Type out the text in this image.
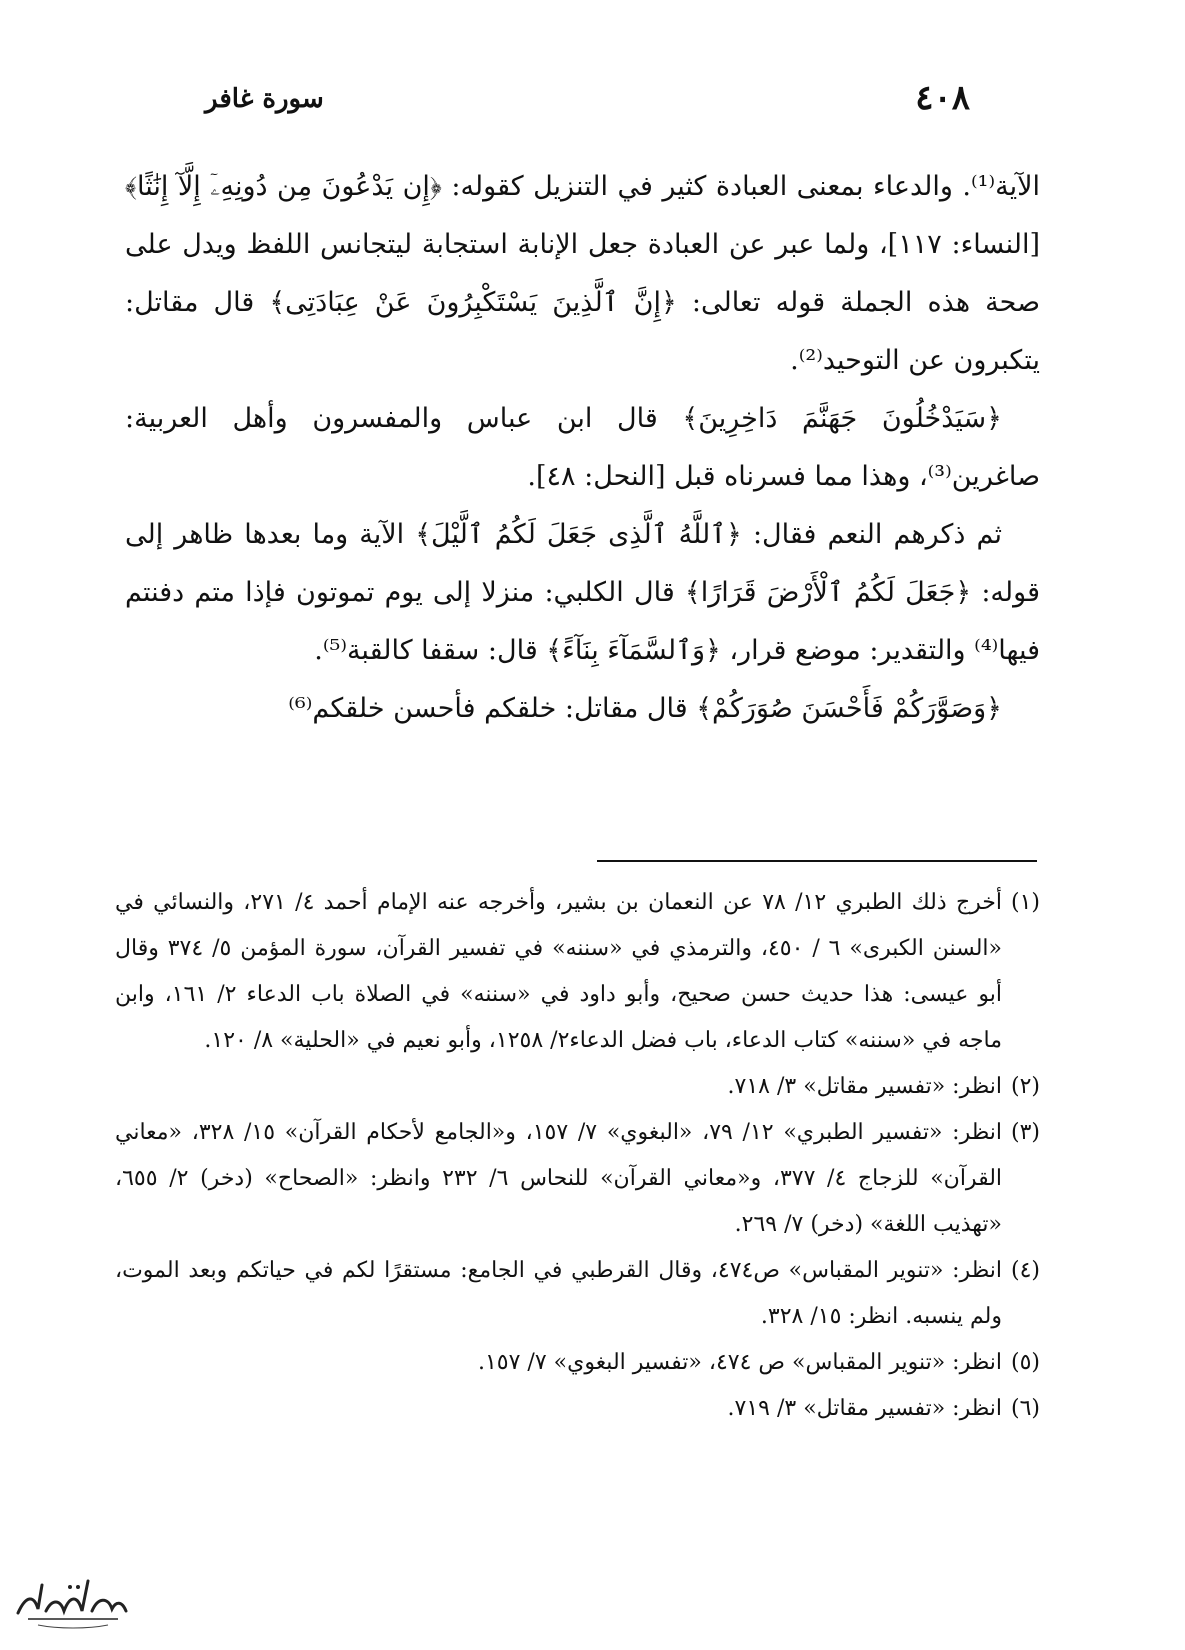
٤٠٨
سورة غافر

الآية⁽¹⁾. والدعاء بمعنى العبادة كثير في التنزيل كقوله: ﴿إِن يَدْعُونَ مِن دُونِهِۦٓ إِلَّآ إِنَٰثًا﴾ [النساء: ١١٧]، ولما عبر عن العبادة جعل الإنابة استجابة ليتجانس اللفظ ويدل على صحة هذه الجملة قوله تعالى: ﴿إِنَّ ٱلَّذِينَ يَسْتَكْبِرُونَ عَنْ عِبَادَتِى﴾ قال مقاتل: يتكبرون عن التوحيد⁽²⁾.

﴿سَيَدْخُلُونَ جَهَنَّمَ دَاخِرِينَ﴾ قال ابن عباس والمفسرون وأهل العربية: صاغرين⁽³⁾، وهذا مما فسرناه قبل [النحل: ٤٨].

ثم ذكرهم النعم فقال: ﴿ٱللَّهُ ٱلَّذِى جَعَلَ لَكُمُ ٱلَّيْلَ﴾ الآية وما بعدها ظاهر إلى قوله: ﴿جَعَلَ لَكُمُ ٱلْأَرْضَ قَرَارًا﴾ قال الكلبي: منزلا إلى يوم تموتون فإذا متم دفنتم فيها⁽⁴⁾ والتقدير: موضع قرار، ﴿وَٱلسَّمَآءَ بِنَآءً﴾ قال: سقفا كالقبة⁽⁵⁾.

﴿وَصَوَّرَكُمْ فَأَحْسَنَ صُوَرَكُمْ﴾ قال مقاتل: خلقكم فأحسن خلقكم⁽⁶⁾

(١)
أخرج ذلك الطبري ١٢/ ٧٨ عن النعمان بن بشير، وأخرجه عنه الإمام أحمد ٤/ ٢٧١، والنسائي في «السنن الكبرى» ٦ / ٤٥٠، والترمذي في «سننه» في تفسير القرآن، سورة المؤمن ٥/ ٣٧٤ وقال أبو عيسى: هذا حديث حسن صحيح، وأبو داود في «سننه» في الصلاة باب الدعاء ٢/ ١٦١، وابن ماجه في «سننه» كتاب الدعاء، باب فضل الدعاء٢/ ١٢٥٨، وأبو نعيم في «الحلية» ٨/ ١٢٠.
(٢)
انظر: «تفسير مقاتل» ٣/ ٧١٨.
(٣)
انظر: «تفسير الطبري» ١٢/ ٧٩، «البغوي» ٧/ ١٥٧، و«الجامع لأحكام القرآن» ١٥/ ٣٢٨، «معاني القرآن» للزجاج ٤/ ٣٧٧، و«معاني القرآن» للنحاس ٦/ ٢٣٢ وانظر: «الصحاح» (دخر) ٢/ ٦٥٥، «تهذيب اللغة» (دخر) ٧/ ٢٦٩.
(٤)
انظر: «تنوير المقباس» ص٤٧٤، وقال القرطبي في الجامع: مستقرًا لكم في حياتكم وبعد الموت، ولم ينسبه. انظر: ١٥/ ٣٢٨.
(٥)
انظر: «تنوير المقباس» ص ٤٧٤، «تفسير البغوي» ٧/ ١٥٧.
(٦)
انظر: «تفسير مقاتل» ٣/ ٧١٩.
